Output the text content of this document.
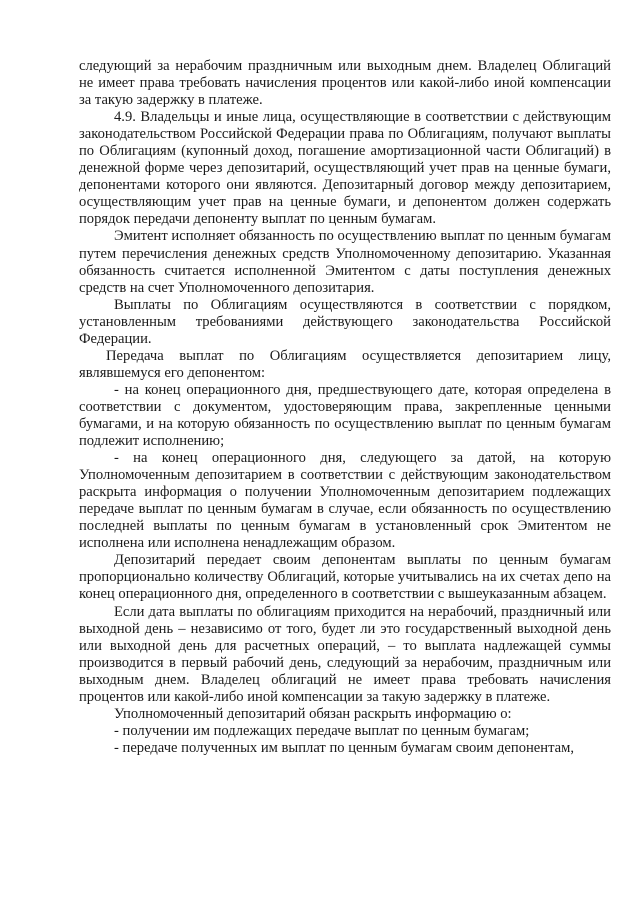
следующий за нерабочим праздничным или выходным днем. Владелец Облигаций не имеет права требовать начисления процентов или какой-либо иной компенсации за такую задержку в платеже.

4.9. Владельцы и иные лица, осуществляющие в соответствии с действующим законодательством Российской Федерации права по Облигациям, получают выплаты по Облигациям (купонный доход, погашение амортизационной части Облигаций) в денежной форме через депозитарий, осуществляющий учет прав на ценные бумаги, депонентами которого они являются. Депозитарный договор между депозитарием, осуществляющим учет прав на ценные бумаги, и депонентом должен содержать порядок передачи депоненту выплат по ценным бумагам.

Эмитент исполняет обязанность по осуществлению выплат по ценным бумагам путем перечисления денежных средств Уполномоченному депозитарию. Указанная обязанность считается исполненной Эмитентом с даты поступления денежных средств на счет Уполномоченного депозитария.

Выплаты по Облигациям осуществляются в соответствии с порядком, установленным требованиями действующего законодательства Российской Федерации.

Передача выплат по Облигациям осуществляется депозитарием лицу, являвшемуся его депонентом:

- на конец операционного дня, предшествующего дате, которая определена в соответствии с документом, удостоверяющим права, закрепленные ценными бумагами, и на которую обязанность по осуществлению выплат по ценным бумагам подлежит исполнению;

- на конец операционного дня, следующего за датой, на которую Уполномоченным депозитарием в соответствии с действующим законодательством раскрыта информация о получении Уполномоченным депозитарием подлежащих передаче выплат по ценным бумагам в случае, если обязанность по осуществлению последней выплаты по ценным бумагам в установленный срок Эмитентом не исполнена или исполнена ненадлежащим образом.

Депозитарий передает своим депонентам выплаты по ценным бумагам пропорционально количеству Облигаций, которые учитывались на их счетах депо на конец операционного дня, определенного в соответствии с вышеуказанным абзацем.

Если дата выплаты по облигациям приходится на нерабочий, праздничный или выходной день – независимо от того, будет ли это государственный выходной день или выходной день для расчетных операций, – то выплата надлежащей суммы производится в первый рабочий день, следующий за нерабочим, праздничным или выходным днем. Владелец облигаций не имеет права требовать начисления процентов или какой-либо иной компенсации за такую задержку в платеже.

Уполномоченный депозитарий обязан раскрыть информацию о:

- получении им подлежащих передаче выплат по ценным бумагам;

- передаче полученных им выплат по ценным бумагам своим депонентам,
